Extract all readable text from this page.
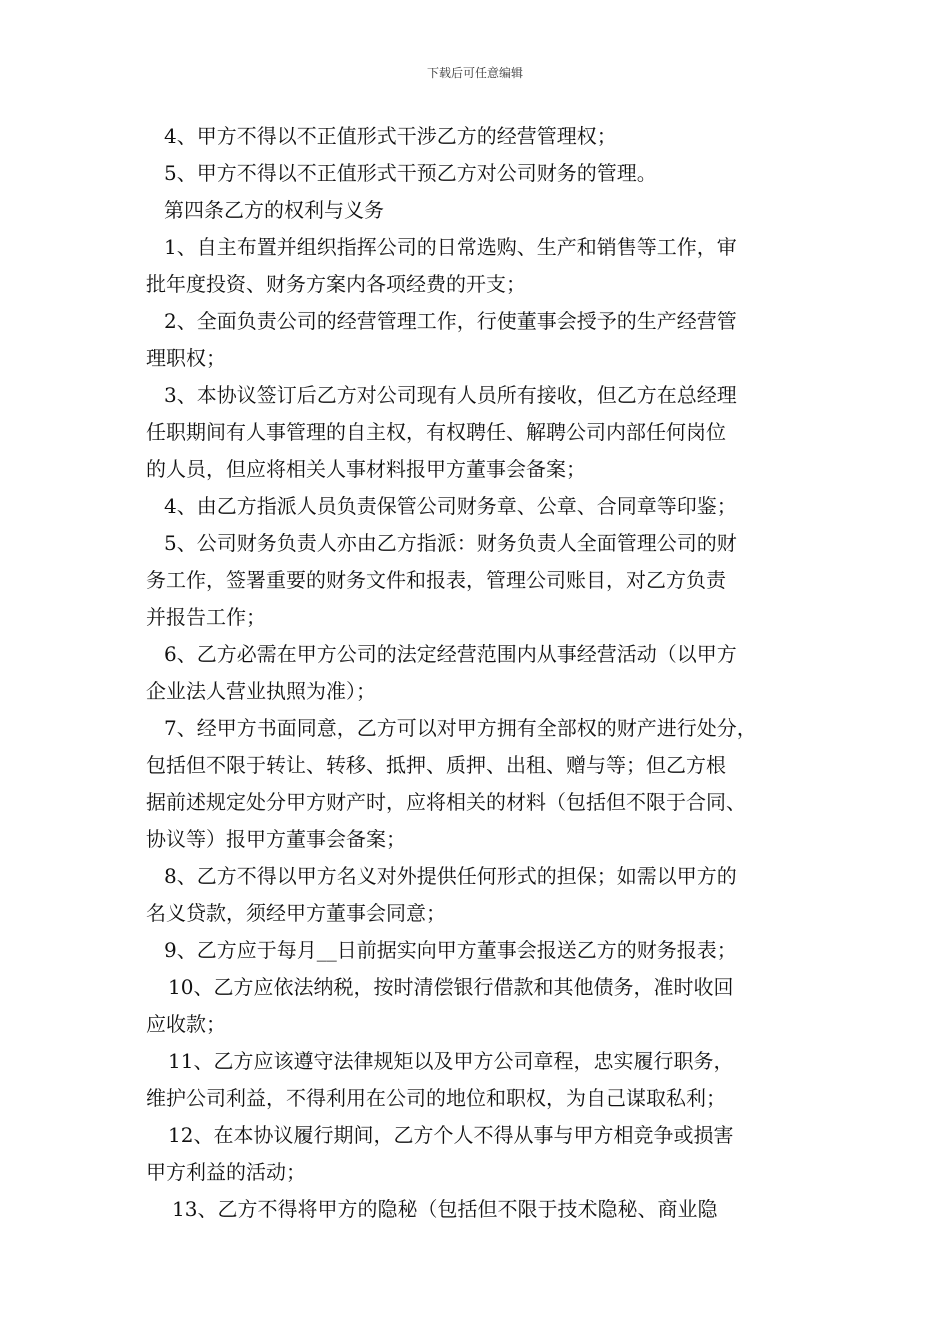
下载后可任意编辑
4、甲方不得以不正值形式干涉乙方的经营管理权；
5、甲方不得以不正值形式干预乙方对公司财务的管理。
第四条乙方的权利与义务
1、自主布置并组织指挥公司的日常选购、生产和销售等工作，审
批年度投资、财务方案内各项经费的开支；
2、全面负责公司的经营管理工作，行使董事会授予的生产经营管
理职权；
3、本协议签订后乙方对公司现有人员所有接收，但乙方在总经理
任职期间有人事管理的自主权，有权聘任、解聘公司内部任何岗位
的人员，但应将相关人事材料报甲方董事会备案；
4、由乙方指派人员负责保管公司财务章、公章、合同章等印鉴；
5、公司财务负责人亦由乙方指派：财务负责人全面管理公司的财
务工作，签署重要的财务文件和报表，管理公司账目，对乙方负责
并报告工作；
6、乙方必需在甲方公司的法定经营范围内从事经营活动（以甲方
企业法人营业执照为准）；
7、经甲方书面同意，乙方可以对甲方拥有全部权的财产进行处分，
包括但不限于转让、转移、抵押、质押、出租、赠与等；但乙方根
据前述规定处分甲方财产时，应将相关的材料（包括但不限于合同、
协议等）报甲方董事会备案；
8、乙方不得以甲方名义对外提供任何形式的担保；如需以甲方的
名义贷款，须经甲方董事会同意；
9、乙方应于每月__日前据实向甲方董事会报送乙方的财务报表；
10、乙方应依法纳税，按时清偿银行借款和其他债务，准时收回
应收款；
11、乙方应该遵守法律规矩以及甲方公司章程，忠实履行职务，
维护公司利益，不得利用在公司的地位和职权，为自己谋取私利；
12、在本协议履行期间，乙方个人不得从事与甲方相竞争或损害
甲方利益的活动；
13、乙方不得将甲方的隐秘（包括但不限于技术隐秘、商业隐
